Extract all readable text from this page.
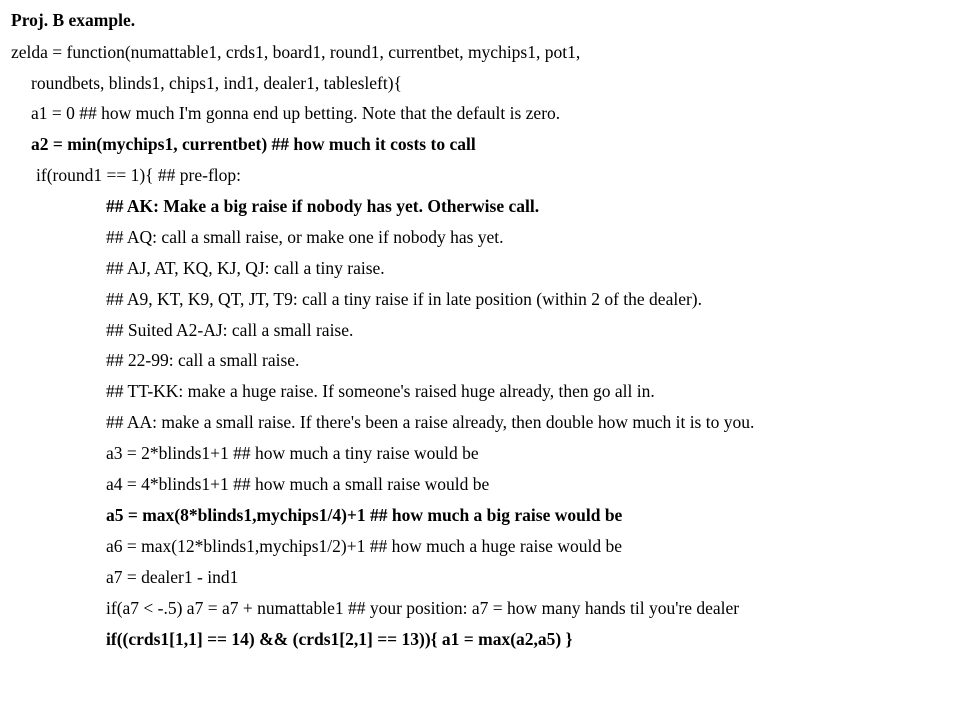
Proj. B example.
zelda = function(numattable1, crds1, board1, round1, currentbet, mychips1, pot1,
roundbets, blinds1, chips1, ind1, dealer1, tablesleft){
a1 = 0 ## how much I'm gonna end up betting. Note that the default is zero.
a2 = min(mychips1, currentbet) ## how much it costs to call
if(round1 == 1){ ## pre-flop:
## AK: Make a big raise if nobody has yet. Otherwise call.
## AQ: call a small raise, or make one if nobody has yet.
## AJ, AT, KQ, KJ, QJ: call a tiny raise.
## A9, KT, K9, QT, JT, T9: call a tiny raise if in late position (within 2 of the dealer).
## Suited A2-AJ: call a small raise.
## 22-99: call a small raise.
## TT-KK: make a huge raise. If someone's raised huge already, then go all in.
## AA: make a small raise. If there's been a raise already, then double how much it is to you.
a3 = 2*blinds1+1 ## how much a tiny raise would be
a4 = 4*blinds1+1 ## how much a small raise would be
a5 = max(8*blinds1,mychips1/4)+1 ## how much a big raise would be
a6 = max(12*blinds1,mychips1/2)+1 ## how much a huge raise would be
a7 = dealer1 - ind1
if(a7 < -.5) a7 = a7 + numattable1 ## your position: a7 = how many hands til you're dealer
if((crds1[1,1] == 14) && (crds1[2,1] == 13)){ a1 = max(a2,a5) }
